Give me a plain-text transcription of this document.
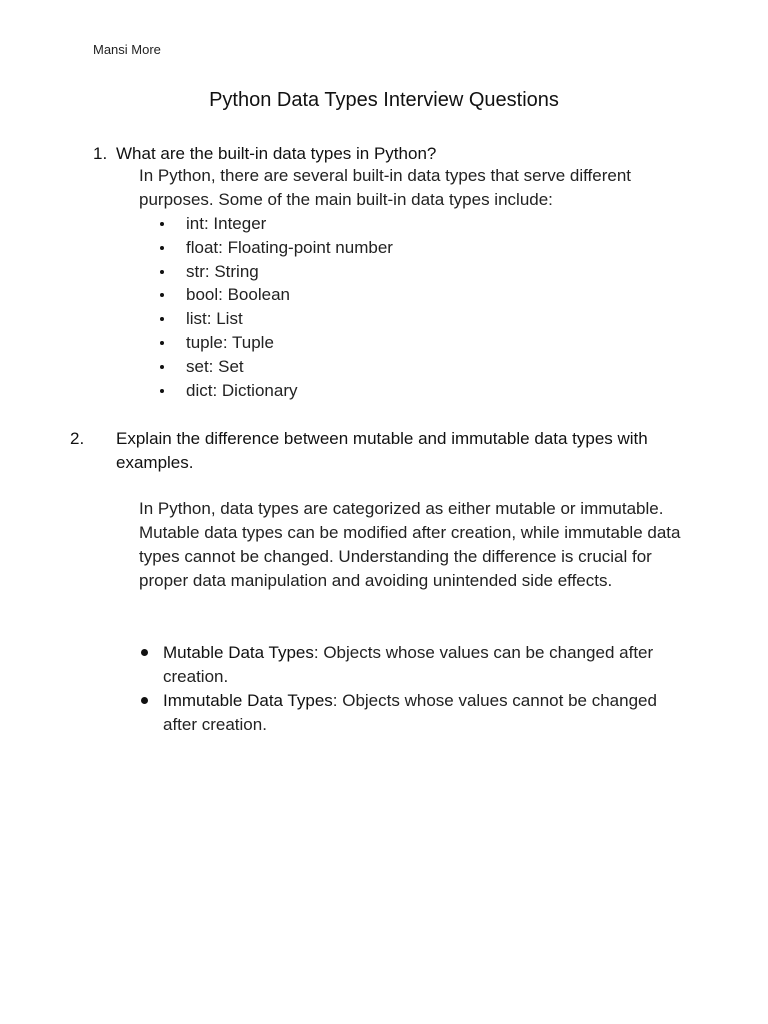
Mansi More
Python Data Types Interview Questions
1. What are the built-in data types in Python?
In Python, there are several built-in data types that serve different purposes. Some of the main built-in data types include:
int: Integer
float: Floating-point number
str: String
bool: Boolean
list: List
tuple: Tuple
set: Set
dict: Dictionary
2. Explain the difference between mutable and immutable data types with examples.
In Python, data types are categorized as either mutable or immutable. Mutable data types can be modified after creation, while immutable data types cannot be changed. Understanding the difference is crucial for proper data manipulation and avoiding unintended side effects.
Mutable Data Types: Objects whose values can be changed after creation.
Immutable Data Types: Objects whose values cannot be changed after creation.
